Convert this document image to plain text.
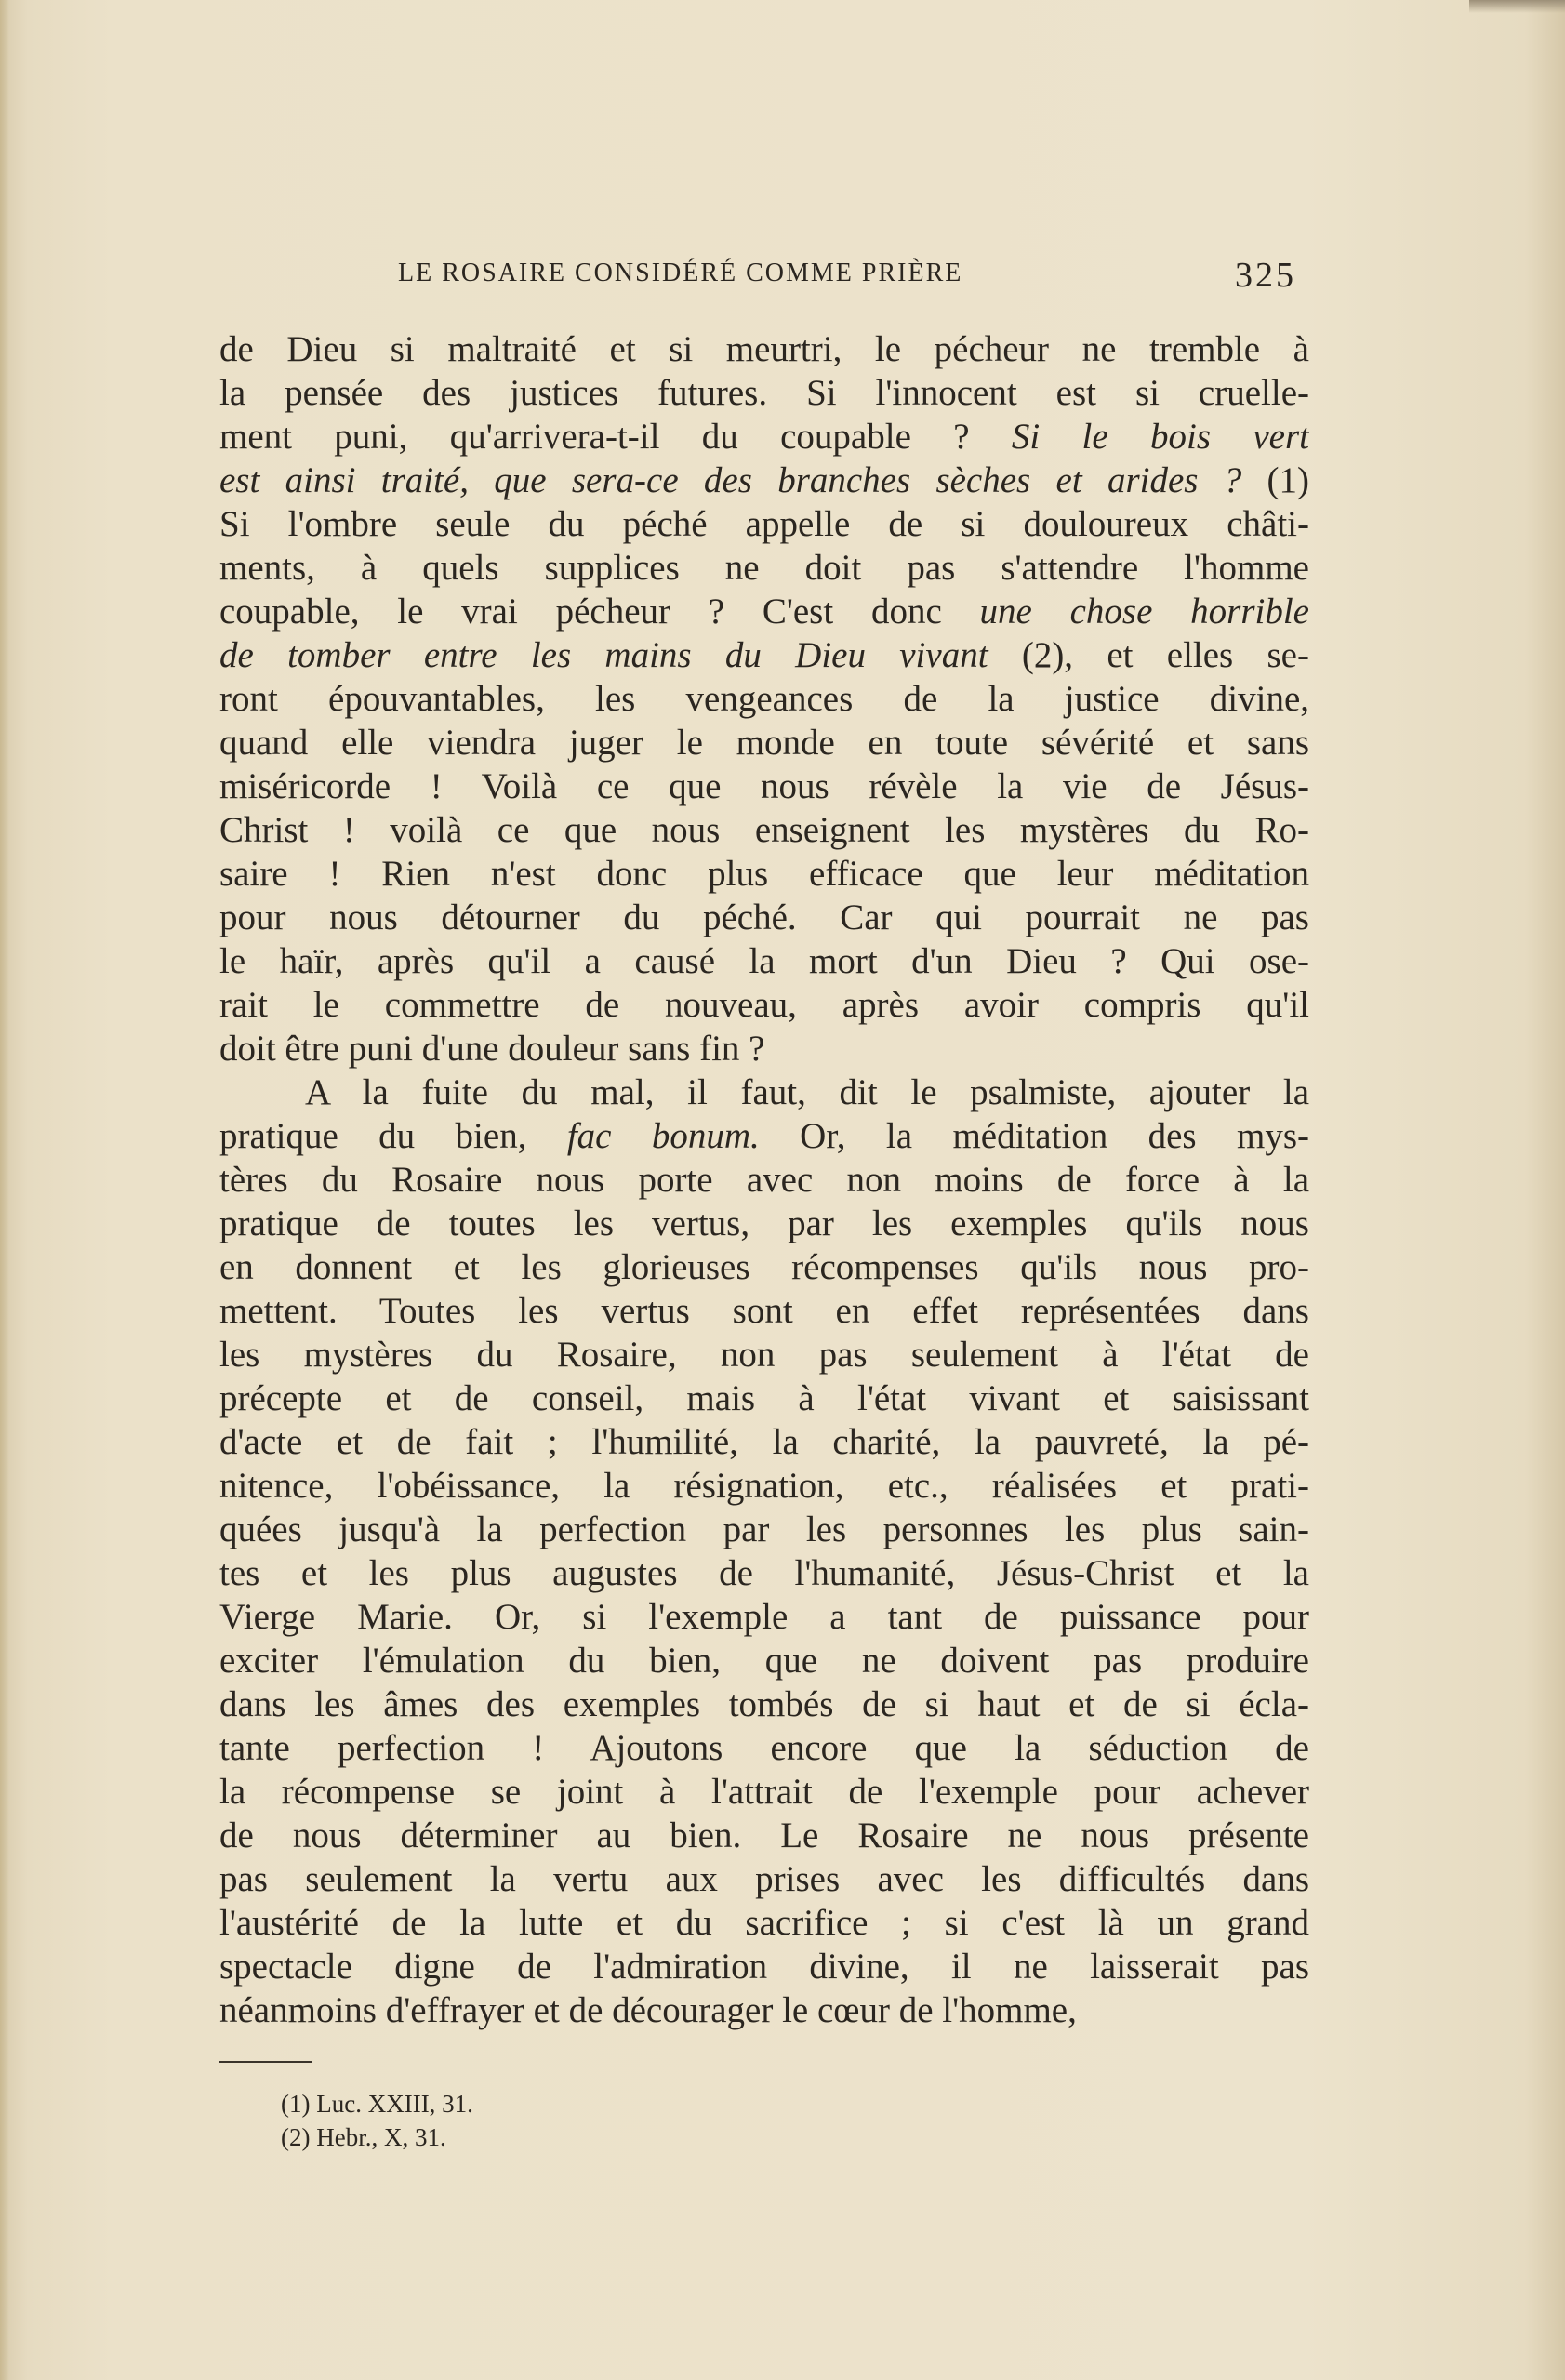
LE ROSAIRE CONSIDÉRÉ COMME PRIÈRE	325
de Dieu si maltraité et si meurtri, le pécheur ne tremble à
la pensée des justices futures. Si l'innocent est si cruelle-
ment puni, qu'arrivera-t-il du coupable ? Si le bois vert
est ainsi traité, que sera-ce des branches sèches et arides ? (1)
Si l'ombre seule du péché appelle de si douloureux châti-
ments, à quels supplices ne doit pas s'attendre l'homme
coupable, le vrai pécheur ? C'est donc une chose horrible
de tomber entre les mains du Dieu vivant (2), et elles se-
ront épouvantables, les vengeances de la justice divine,
quand elle viendra juger le monde en toute sévérité et sans
miséricorde ! Voilà ce que nous révèle la vie de Jésus-
Christ ! voilà ce que nous enseignent les mystères du Ro-
saire ! Rien n'est donc plus efficace que leur méditation
pour nous détourner du péché. Car qui pourrait ne pas
le haïr, après qu'il a causé la mort d'un Dieu ? Qui ose-
rait le commettre de nouveau, après avoir compris qu'il
doit être puni d'une douleur sans fin ?
A la fuite du mal, il faut, dit le psalmiste, ajouter la
pratique du bien, fac bonum. Or, la méditation des mys-
tères du Rosaire nous porte avec non moins de force à la
pratique de toutes les vertus, par les exemples qu'ils nous
en donnent et les glorieuses récompenses qu'ils nous pro-
mettent. Toutes les vertus sont en effet représentées dans
les mystères du Rosaire, non pas seulement à l'état de
précepte et de conseil, mais à l'état vivant et saisissant
d'acte et de fait ; l'humilité, la charité, la pauvreté, la pé-
nitence, l'obéissance, la résignation, etc., réalisées et prati-
quées jusqu'à la perfection par les personnes les plus sain-
tes et les plus augustes de l'humanité, Jésus-Christ et la
Vierge Marie. Or, si l'exemple a tant de puissance pour
exciter l'émulation du bien, que ne doivent pas produire
dans les âmes des exemples tombés de si haut et de si écla-
tante perfection ! Ajoutons encore que la séduction de
la récompense se joint à l'attrait de l'exemple pour achever
de nous déterminer au bien. Le Rosaire ne nous présente
pas seulement la vertu aux prises avec les difficultés dans
l'austérité de la lutte et du sacrifice ; si c'est là un grand
spectacle digne de l'admiration divine, il ne laisserait pas
néanmoins d'effrayer et de décourager le cœur de l'homme,
(1) Luc. XXIII, 31.
(2) Hebr., X, 31.
